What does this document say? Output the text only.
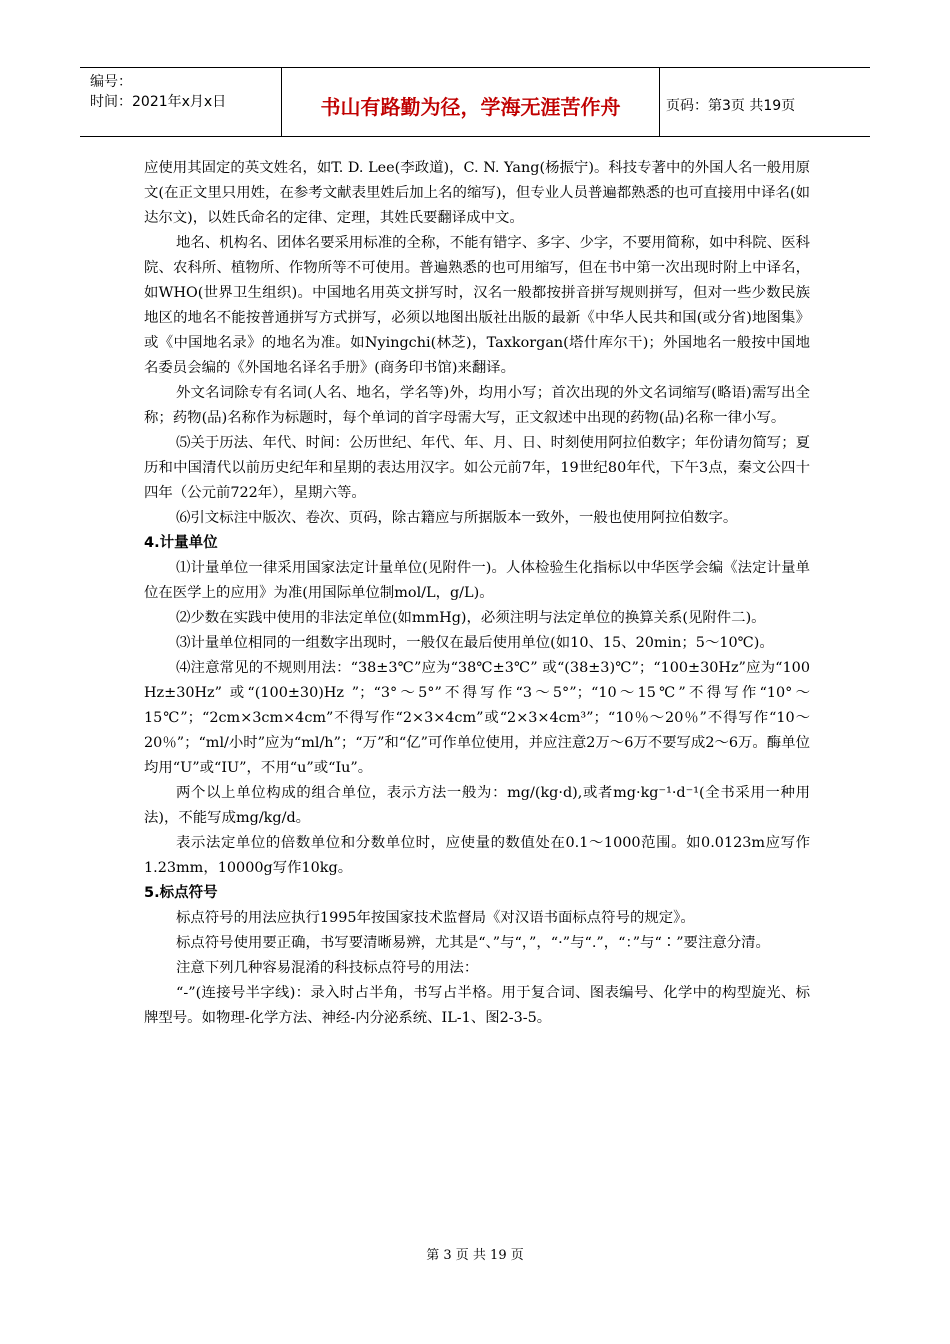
编号：
时间：2021年x月x日	书山有路勤为径，学海无涯苦作舟	页码：第3页 共19页

应使用其固定的英文姓名，如T. D. Lee(李政道)，C. N. Yang(杨振宁)。科技专著中的外国人名一般用原文(在正文里只用姓，在参考文献表里姓后加上名的缩写)，但专业人员普遍都熟悉的也可直接用中译名(如达尔文)，以姓氏命名的定律、定理，其姓氏要翻译成中文。

地名、机构名、团体名要采用标准的全称，不能有错字、多字、少字，不要用简称，如中科院、医科院、农科所、植物所、作物所等不可使用。普遍熟悉的也可用缩写，但在书中第一次出现时附上中译名，如WHO(世界卫生组织)。中国地名用英文拼写时，汉名一般都按拼音拼写规则拼写，但对一些少数民族地区的地名不能按普通拼写方式拼写，必须以地图出版社出版的最新《中华人民共和国(或分省)地图集》或《中国地名录》的地名为准。如Nyingchi(林芝)，Taxkorgan(塔什库尔干)；外国地名一般按中国地名委员会编的《外国地名译名手册》(商务印书馆)来翻译。

外文名词除专有名词(人名、地名，学名等)外，均用小写；首次出现的外文名词缩写(略语)需写出全称；药物(品)名称作为标题时，每个单词的首字母需大写，正文叙述中出现的药物(品)名称一律小写。

⑸关于历法、年代、时间：公历世纪、年代、年、月、日、时刻使用阿拉伯数字；年份请勿简写；夏历和中国清代以前历史纪年和星期的表达用汉字。如公元前7年，19世纪80年代，下午3点，秦文公四十四年（公元前722年），星期六等。

⑹引文标注中版次、卷次、页码，除古籍应与所据版本一致外，一般也使用阿拉伯数字。

4.计量单位

⑴计量单位一律采用国家法定计量单位(见附件一)。人体检验生化指标以中华医学会编《法定计量单位在医学上的应用》为准(用国际单位制mol/L，g/L)。

⑵少数在实践中使用的非法定单位(如mmHg)，必须注明与法定单位的换算关系(见附件二)。

⑶计量单位相同的一组数字出现时，一般仅在最后使用单位(如10、15、20min；5～10℃)。

⑷注意常见的不规则用法：“38±3℃”应为“38℃±3℃” 或“(38±3)℃”；“100±30Hz”应为“100 Hz±30Hz” 或“(100±30)Hz ”；“3°～5°”不得写作“3～5°”；“10～15℃”不得写作“10°～15℃”；“2cm×3cm×4cm”不得写作“2×3×4cm”或“2×3×4cm³”；“10％～20％”不得写作“10～20％”；“ml/小时”应为“ml/h”；“万”和“亿”可作单位使用，并应注意2万～6万不要写成2～6万。酶单位均用“U”或“IU”，不用“u”或“Iu”。

两个以上单位构成的组合单位，表示方法一般为：mg/(kg·d),或者mg·kg⁻¹·d⁻¹(全书采用一种用法)，不能写成mg/kg/d。

表示法定单位的倍数单位和分数单位时，应使量的数值处在0.1～1000范围。如0.0123m应写作1.23mm，10000g写作10kg。

5.标点符号

标点符号的用法应执行1995年按国家技术监督局《对汉语书面标点符号的规定》。

标点符号使用要正确，书写要清晰易辨，尤其是“、”与“，”，“·”与“.”，“：”与“∶”要注意分清。

注意下列几种容易混淆的科技标点符号的用法：

“-”(连接号半字线)：录入时占半角，书写占半格。用于复合词、图表编号、化学中的构型旋光、标牌型号。如物理-化学方法、神经-内分泌系统、IL-1、图2-3-5。

第 3 页 共 19 页
